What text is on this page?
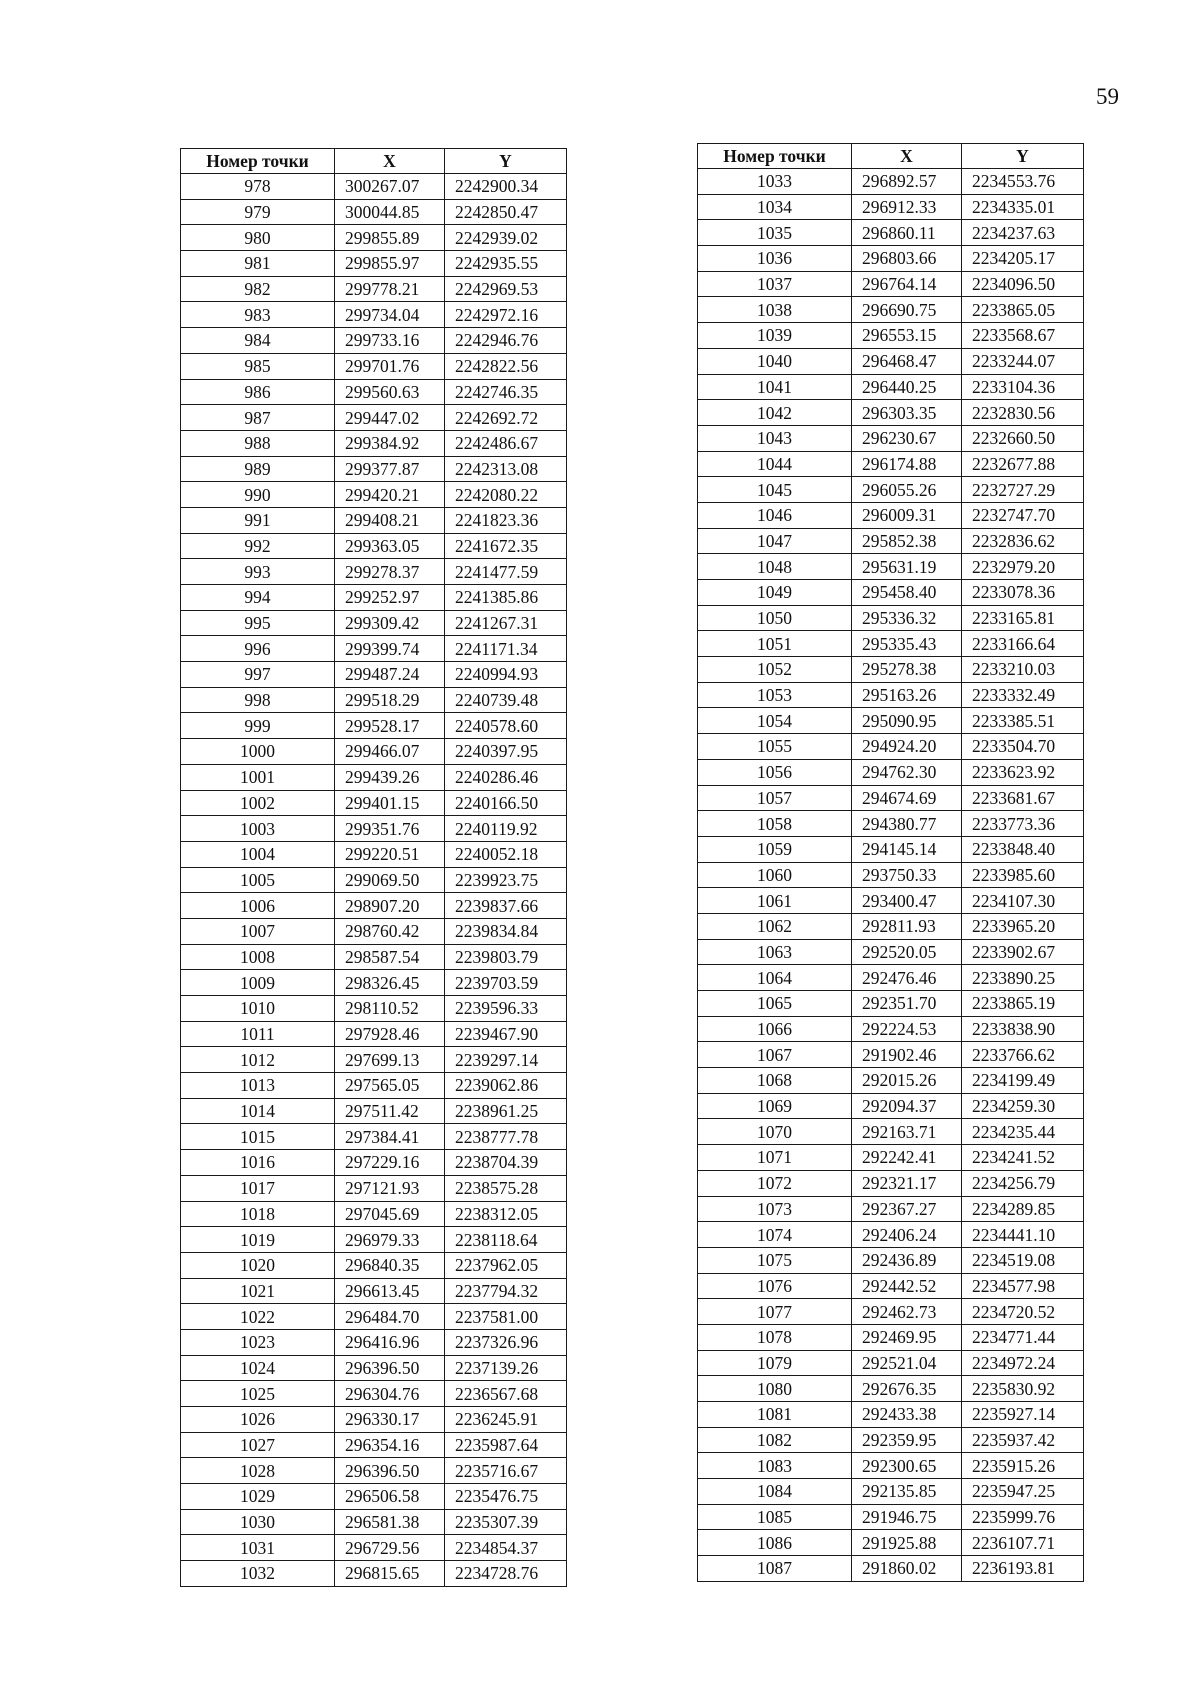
59
Номер точки	X	Y
978	300267.07	2242900.34
979	300044.85	2242850.47
980	299855.89	2242939.02
981	299855.97	2242935.55
982	299778.21	2242969.53
983	299734.04	2242972.16
984	299733.16	2242946.76
985	299701.76	2242822.56
986	299560.63	2242746.35
987	299447.02	2242692.72
988	299384.92	2242486.67
989	299377.87	2242313.08
990	299420.21	2242080.22
991	299408.21	2241823.36
992	299363.05	2241672.35
993	299278.37	2241477.59
994	299252.97	2241385.86
995	299309.42	2241267.31
996	299399.74	2241171.34
997	299487.24	2240994.93
998	299518.29	2240739.48
999	299528.17	2240578.60
1000	299466.07	2240397.95
1001	299439.26	2240286.46
1002	299401.15	2240166.50
1003	299351.76	2240119.92
1004	299220.51	2240052.18
1005	299069.50	2239923.75
1006	298907.20	2239837.66
1007	298760.42	2239834.84
1008	298587.54	2239803.79
1009	298326.45	2239703.59
1010	298110.52	2239596.33
1011	297928.46	2239467.90
1012	297699.13	2239297.14
1013	297565.05	2239062.86
1014	297511.42	2238961.25
1015	297384.41	2238777.78
1016	297229.16	2238704.39
1017	297121.93	2238575.28
1018	297045.69	2238312.05
1019	296979.33	2238118.64
1020	296840.35	2237962.05
1021	296613.45	2237794.32
1022	296484.70	2237581.00
1023	296416.96	2237326.96
1024	296396.50	2237139.26
1025	296304.76	2236567.68
1026	296330.17	2236245.91
1027	296354.16	2235987.64
1028	296396.50	2235716.67
1029	296506.58	2235476.75
1030	296581.38	2235307.39
1031	296729.56	2234854.37
1032	296815.65	2234728.76
Номер точки	X	Y
1033	296892.57	2234553.76
1034	296912.33	2234335.01
1035	296860.11	2234237.63
1036	296803.66	2234205.17
1037	296764.14	2234096.50
1038	296690.75	2233865.05
1039	296553.15	2233568.67
1040	296468.47	2233244.07
1041	296440.25	2233104.36
1042	296303.35	2232830.56
1043	296230.67	2232660.50
1044	296174.88	2232677.88
1045	296055.26	2232727.29
1046	296009.31	2232747.70
1047	295852.38	2232836.62
1048	295631.19	2232979.20
1049	295458.40	2233078.36
1050	295336.32	2233165.81
1051	295335.43	2233166.64
1052	295278.38	2233210.03
1053	295163.26	2233332.49
1054	295090.95	2233385.51
1055	294924.20	2233504.70
1056	294762.30	2233623.92
1057	294674.69	2233681.67
1058	294380.77	2233773.36
1059	294145.14	2233848.40
1060	293750.33	2233985.60
1061	293400.47	2234107.30
1062	292811.93	2233965.20
1063	292520.05	2233902.67
1064	292476.46	2233890.25
1065	292351.70	2233865.19
1066	292224.53	2233838.90
1067	291902.46	2233766.62
1068	292015.26	2234199.49
1069	292094.37	2234259.30
1070	292163.71	2234235.44
1071	292242.41	2234241.52
1072	292321.17	2234256.79
1073	292367.27	2234289.85
1074	292406.24	2234441.10
1075	292436.89	2234519.08
1076	292442.52	2234577.98
1077	292462.73	2234720.52
1078	292469.95	2234771.44
1079	292521.04	2234972.24
1080	292676.35	2235830.92
1081	292433.38	2235927.14
1082	292359.95	2235937.42
1083	292300.65	2235915.26
1084	292135.85	2235947.25
1085	291946.75	2235999.76
1086	291925.88	2236107.71
1087	291860.02	2236193.81
